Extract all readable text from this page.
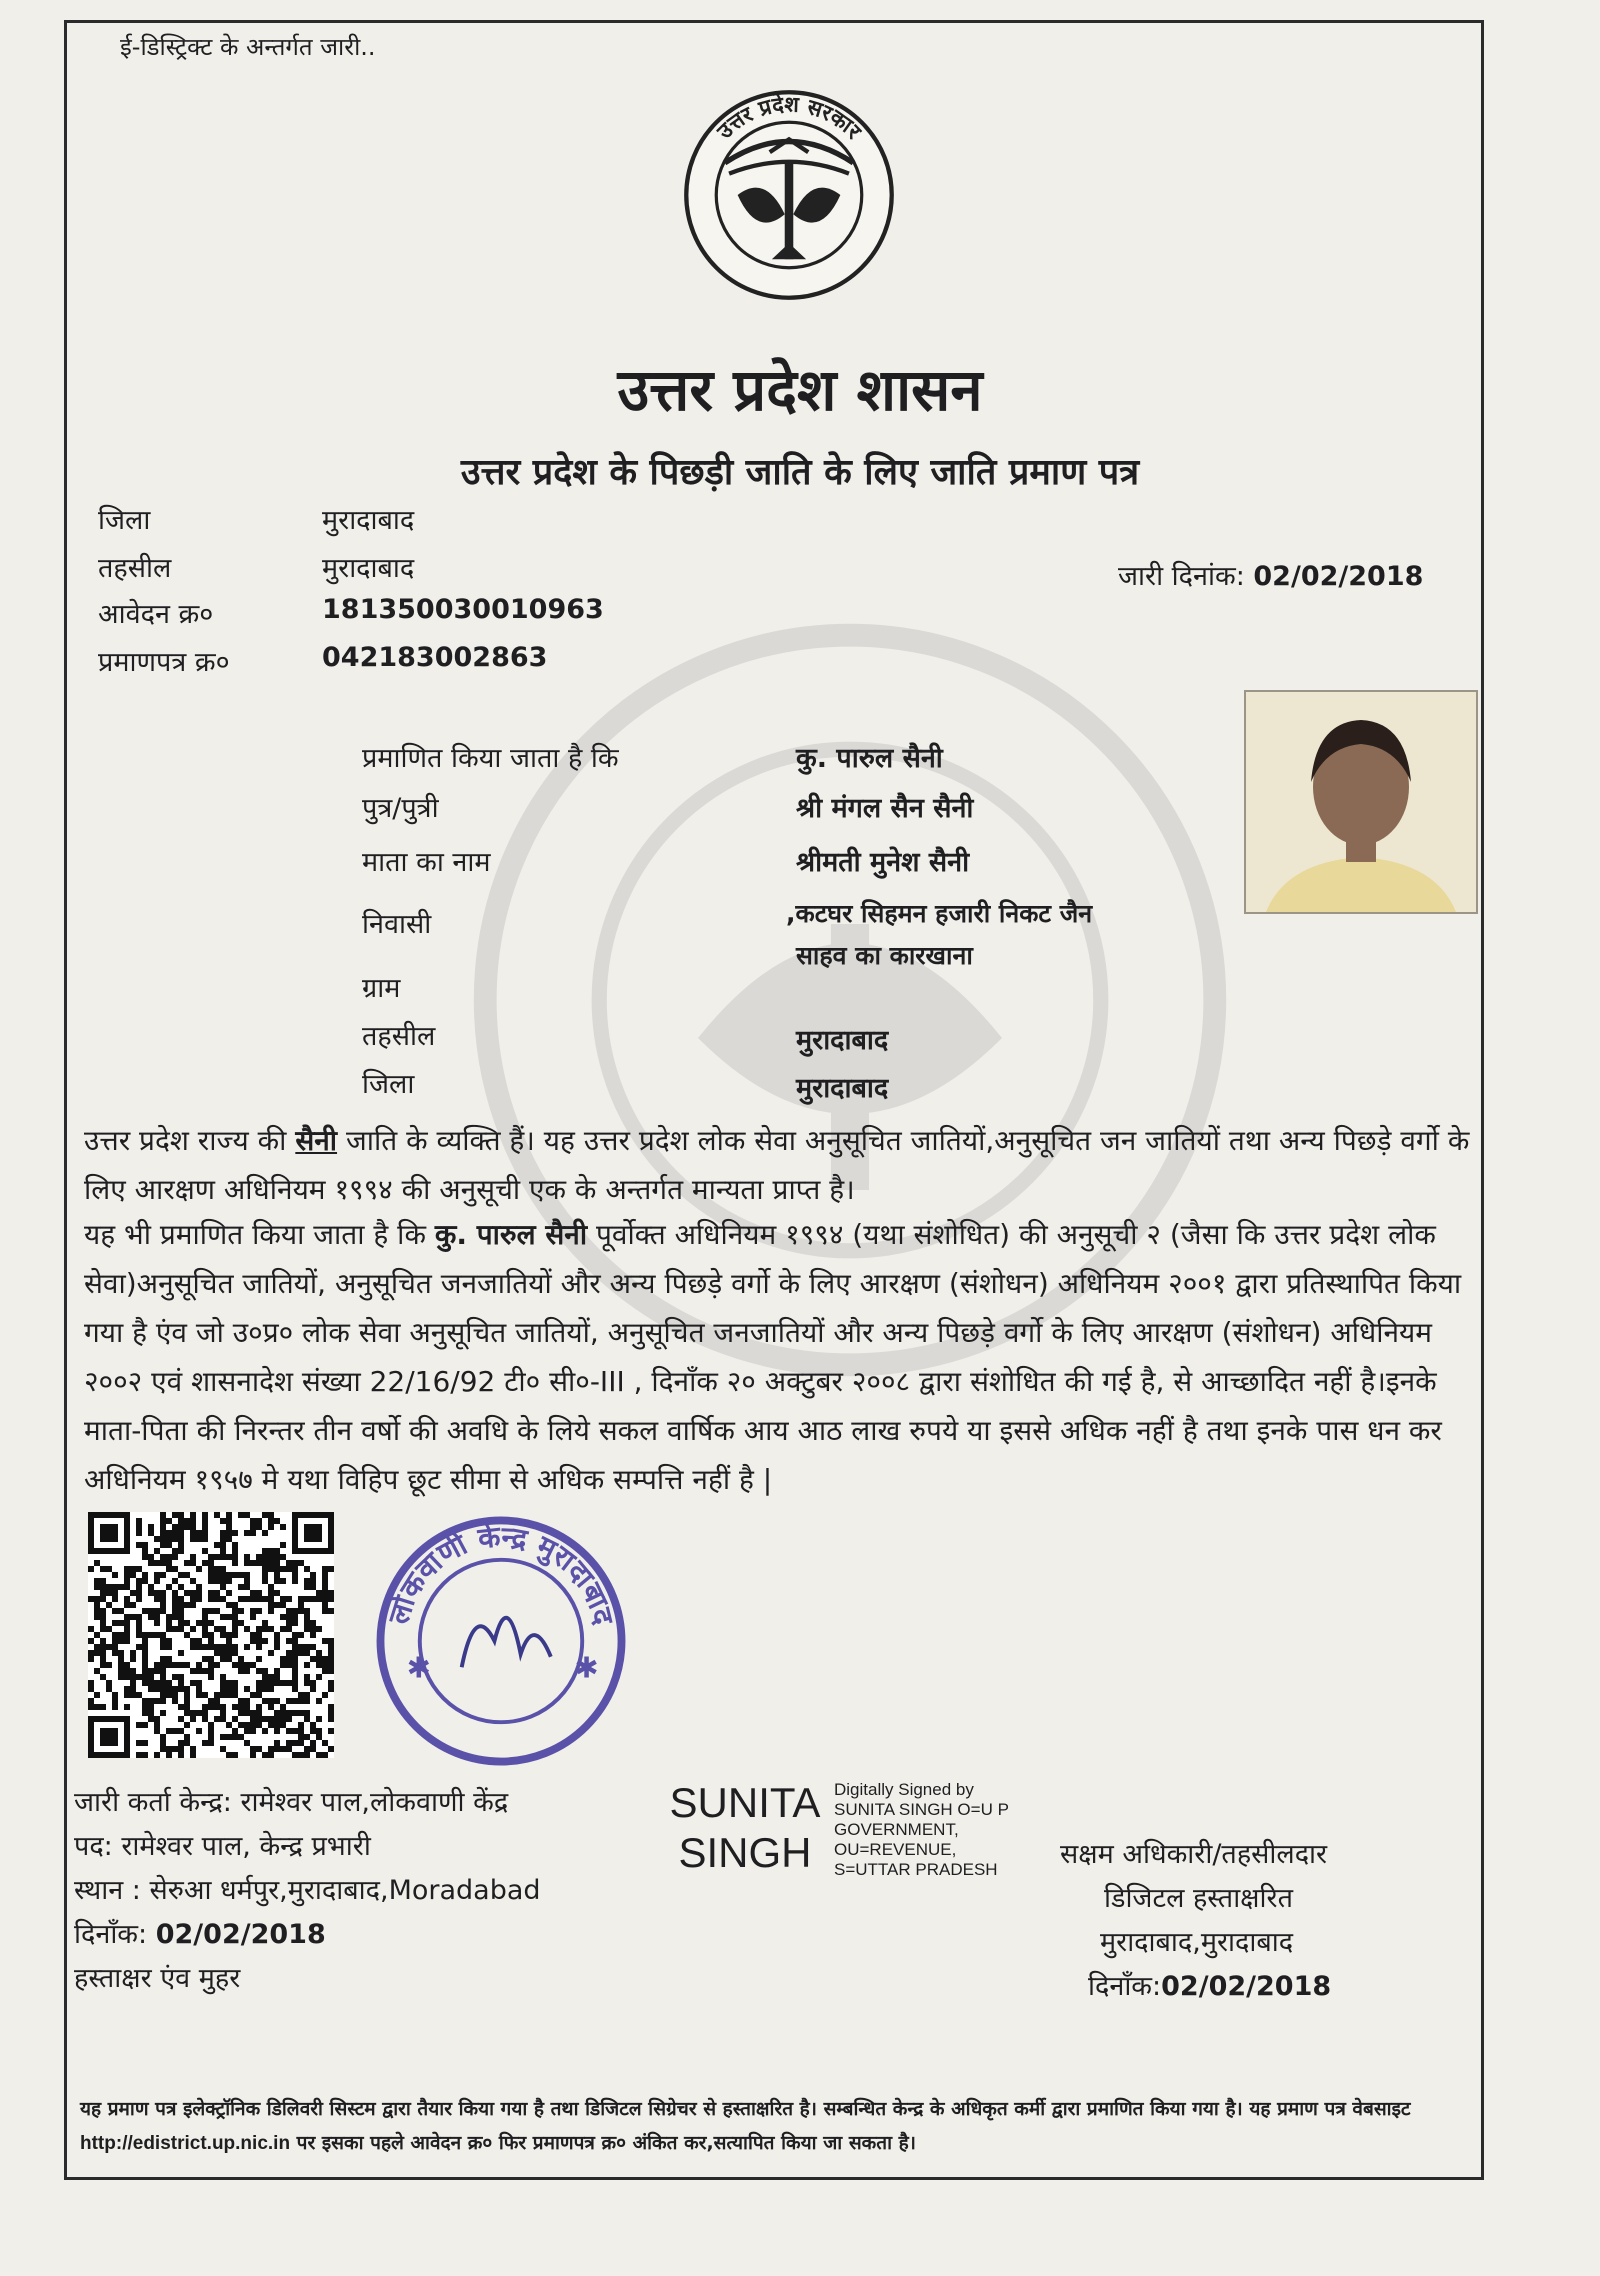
ई-डिस्ट्रिक्ट के अन्तर्गत जारी..
उत्तर प्रदेश सरकार
उत्तर प्रदेश शासन
उत्तर प्रदेश के पिछड़ी जाति के लिए जाति प्रमाण पत्र
जिला	मुरादाबाद
तहसील	मुरादाबाद
आवेदन क्र०	181350030010963
प्रमाणपत्र क्र०	042183002863
जारी दिनांक: 02/02/2018
प्रमाणित किया जाता है कि	कु. पारुल सैनी
पुत्र/पुत्री	श्री मंगल सैन सैनी
माता का नाम	श्रीमती मुनेश सैनी
निवासी	,कटघर सिहमन हजारी निकट जैन
साहव का कारखाना
ग्राम
तहसील	मुरादाबाद
जिला	मुरादाबाद
उत्तर प्रदेश राज्य की सैनी जाति के व्यक्ति हैं। यह उत्तर प्रदेश लोक सेवा अनुसूचित जातियों,अनुसूचित जन जातियों तथा अन्य पिछड़े वर्गो के लिए आरक्षण अधिनियम १९९४ की अनुसूची एक के अन्तर्गत मान्यता प्राप्त है।
यह भी प्रमाणित किया जाता है कि कु. पारुल सैनी पूर्वोक्त अधिनियम १९९४ (यथा संशोधित) की अनुसूची २ (जैसा कि उत्तर प्रदेश लोक सेवा)अनुसूचित जातियों, अनुसूचित जनजातियों और अन्य पिछड़े वर्गो के लिए आरक्षण (संशोधन) अधिनियम २००१ द्वारा प्रतिस्थापित किया गया है एंव जो उ०प्र० लोक सेवा अनुसूचित जातियों, अनुसूचित जनजातियों और अन्य पिछड़े वर्गो के लिए आरक्षण (संशोधन) अधिनियम २००२ एवं शासनादेश संख्या 22/16/92 टी० सी०-III , दिनाँक २० अक्टुबर २००८ द्वारा संशोधित की गई है, से आच्छादित नहीं है।इनके माता-पिता की निरन्तर तीन वर्षो की अवधि के लिये सकल वार्षिक आय आठ लाख रुपये या इससे अधिक नहीं है तथा इनके पास धन कर अधिनियम १९५७ मे यथा विहिप छूट सीमा से अधिक सम्पत्ति नहीं है |
लोकवाणी केन्द्र मुरादाबाद
✱	✱
जारी कर्ता केन्द्र: रामेश्वर पाल,लोकवाणी केंद्र
पद: रामेश्वर पाल, केन्द्र प्रभारी
स्थान : सेरुआ धर्मपुर,मुरादाबाद,Moradabad
दिनाँक: 02/02/2018
हस्ताक्षर एंव मुहर
SUNITA
SINGH
Digitally Signed by
SUNITA SINGH O=U P
GOVERNMENT,
OU=REVENUE,
S=UTTAR PRADESH	सक्षम अधिकारी/तहसीलदार
डिजिटल हस्ताक्षरित
मुरादाबाद,मुरादाबाद
दिनाँक:02/02/2018
यह प्रमाण पत्र इलेक्ट्रॉनिक डिलिवरी सिस्टम द्वारा तैयार किया गया है तथा डिजिटल सिग्रेचर से हस्ताक्षरित है। सम्बन्धित केन्द्र के अधिकृत कर्मी द्वारा प्रमाणित किया गया है। यह प्रमाण पत्र वेबसाइट http://edistrict.up.nic.in पर इसका पहले आवेदन क्र० फिर प्रमाणपत्र क्र० अंकित कर,सत्यापित किया जा सकता है।
